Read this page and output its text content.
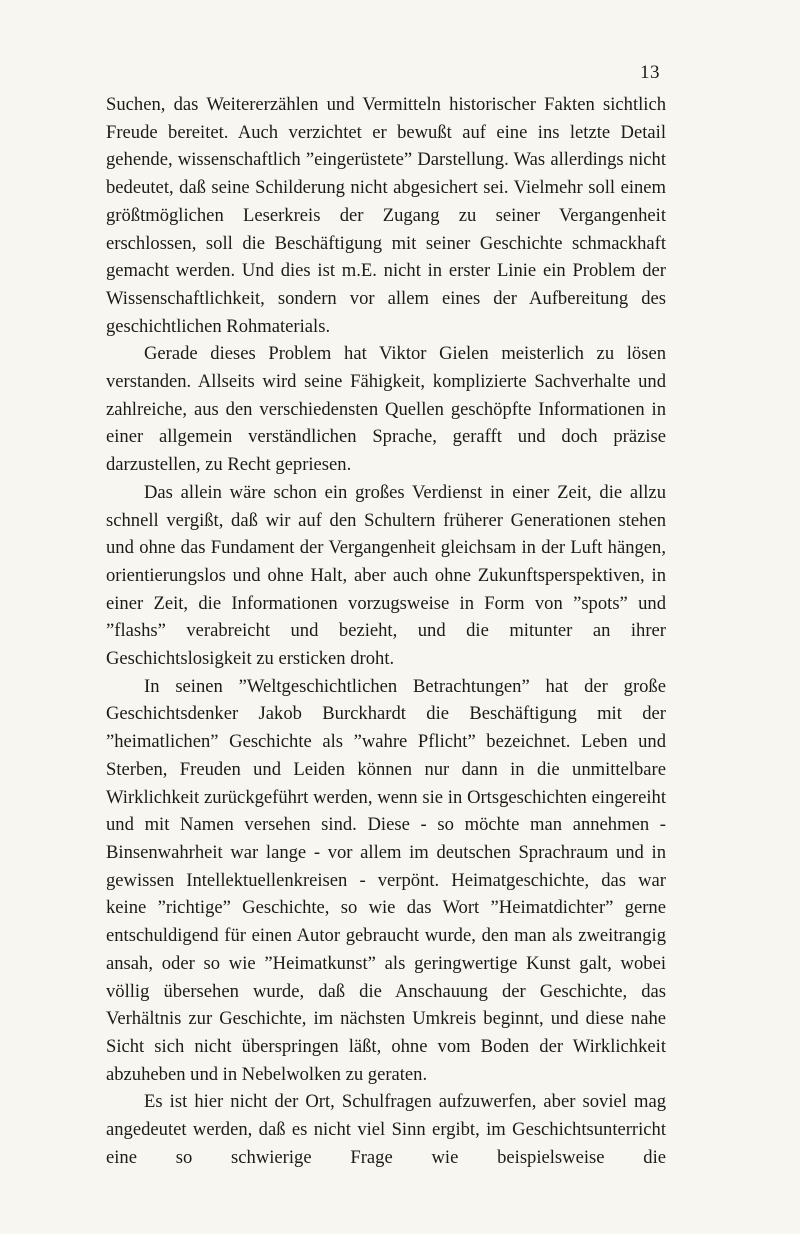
13

Suchen, das Weitererzählen und Vermitteln historischer Fakten sichtlich Freude bereitet. Auch verzichtet er bewußt auf eine ins letzte Detail gehende, wissenschaftlich ”eingerüstete” Darstellung. Was allerdings nicht bedeutet, daß seine Schilderung nicht abgesichert sei. Vielmehr soll einem größtmöglichen Leserkreis der Zugang zu seiner Vergangenheit erschlossen, soll die Beschäftigung mit seiner Geschichte schmackhaft gemacht werden. Und dies ist m.E. nicht in erster Linie ein Problem der Wissenschaftlichkeit, sondern vor allem eines der Aufbereitung des geschichtlichen Rohmaterials.

Gerade dieses Problem hat Viktor Gielen meisterlich zu lösen verstanden. Allseits wird seine Fähigkeit, komplizierte Sachverhalte und zahlreiche, aus den verschiedensten Quellen geschöpfte Informationen in einer allgemein verständlichen Sprache, gerafft und doch präzise darzustellen, zu Recht gepriesen.

Das allein wäre schon ein großes Verdienst in einer Zeit, die allzu schnell vergißt, daß wir auf den Schultern früherer Generationen stehen und ohne das Fundament der Vergangenheit gleichsam in der Luft hängen, orientierungslos und ohne Halt, aber auch ohne Zukunftsperspektiven, in einer Zeit, die Informationen vorzugsweise in Form von ”spots” und ”flashs” verabreicht und bezieht, und die mitunter an ihrer Geschichtslosigkeit zu ersticken droht.

In seinen ”Weltgeschichtlichen Betrachtungen” hat der große Geschichtsdenker Jakob Burckhardt die Beschäftigung mit der ”heimatlichen” Geschichte als ”wahre Pflicht” bezeichnet. Leben und Sterben, Freuden und Leiden können nur dann in die unmittelbare Wirklichkeit zurückgeführt werden, wenn sie in Ortsgeschichten eingereiht und mit Namen versehen sind. Diese - so möchte man annehmen - Binsenwahrheit war lange - vor allem im deutschen Sprachraum und in gewissen Intellektuellenkreisen - verpönt. Heimatgeschichte, das war keine ”richtige” Geschichte, so wie das Wort ”Heimatdichter” gerne entschuldigend für einen Autor gebraucht wurde, den man als zweitrangig ansah, oder so wie ”Heimatkunst” als geringwertige Kunst galt, wobei völlig übersehen wurde, daß die Anschauung der Geschichte, das Verhältnis zur Geschichte, im nächsten Umkreis beginnt, und diese nahe Sicht sich nicht überspringen läßt, ohne vom Boden der Wirklichkeit abzuheben und in Nebelwolken zu geraten.

Es ist hier nicht der Ort, Schulfragen aufzuwerfen, aber soviel mag angedeutet werden, daß es nicht viel Sinn ergibt, im Geschichtsunterricht eine so schwierige Frage wie beispielsweise die
